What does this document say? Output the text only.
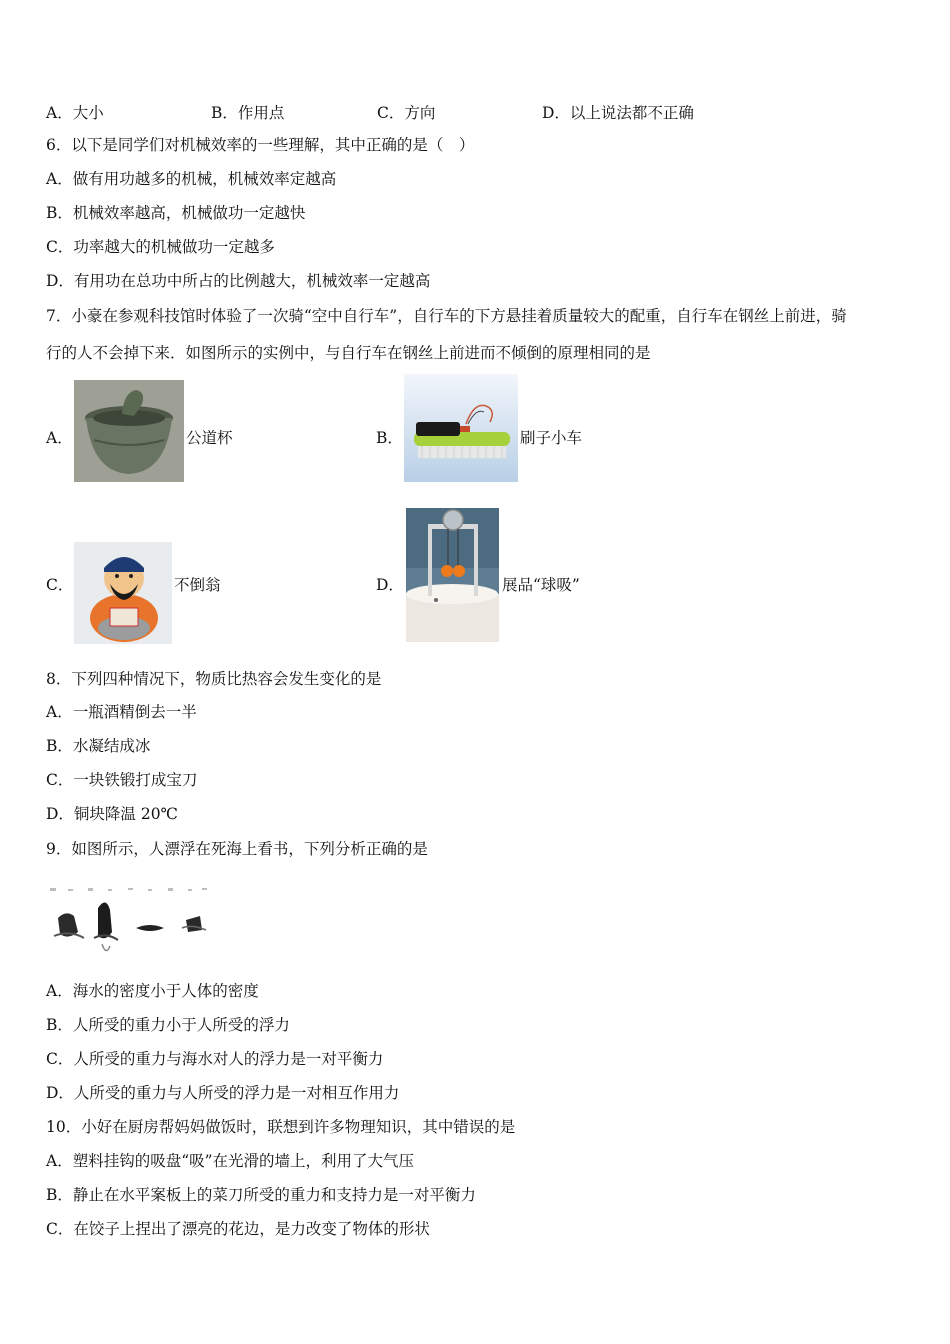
A．大小	B．作用点	C．方向	D．以上说法都不正确
6．以下是同学们对机械效率的一些理解，其中正确的是（　）
A．做有用功越多的机械，机械效率定越高
B．机械效率越高，机械做功一定越快
C．功率越大的机械做功一定越多
D．有用功在总功中所占的比例越大，机械效率一定越高
7．小豪在参观科技馆时体验了一次骑“空中自行车”，自行车的下方悬挂着质量较大的配重，自行车在钢丝上前进，骑
行的人不会掉下来．如图所示的实例中，与自行车在钢丝上前进而不倾倒的原理相同的是
A．	公道杯	B．	刷子小车
C．	不倒翁	D．	展品“球吸”
8．下列四种情况下，物质比热容会发生变化的是
A．一瓶酒精倒去一半
B．水凝结成冰
C．一块铁锻打成宝刀
D．铜块降温 20℃
9．如图所示，人漂浮在死海上看书，下列分析正确的是
A．海水的密度小于人体的密度
B．人所受的重力小于人所受的浮力
C．人所受的重力与海水对人的浮力是一对平衡力
D．人所受的重力与人所受的浮力是一对相互作用力
10．小好在厨房帮妈妈做饭时，联想到许多物理知识，其中错误的是
A．塑料挂钩的吸盘“吸”在光滑的墙上，利用了大气压
B．静止在水平案板上的菜刀所受的重力和支持力是一对平衡力
C．在饺子上捏出了漂亮的花边，是力改变了物体的形状
